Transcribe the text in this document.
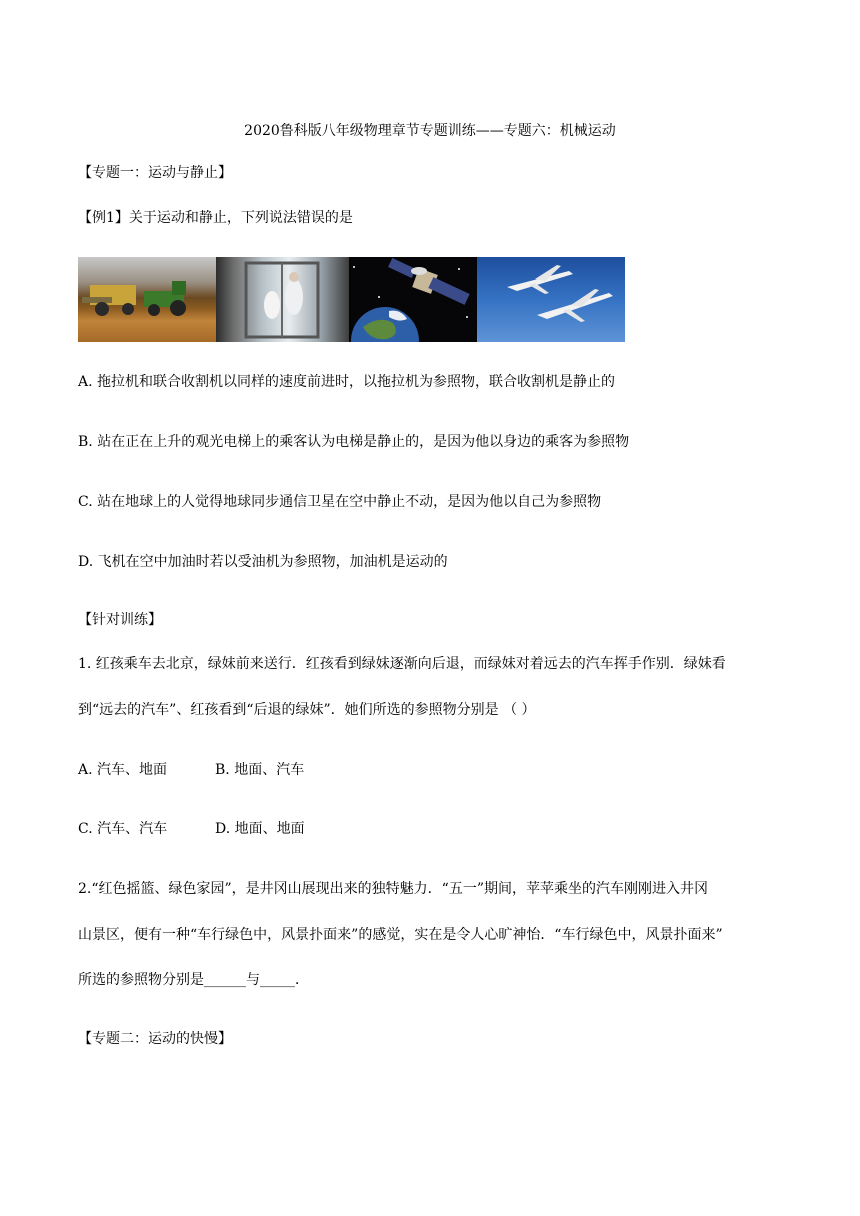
2020鲁科版八年级物理章节专题训练——专题六：机械运动
【专题一：运动与静止】
【例1】关于运动和静止，下列说法错误的是
A. 拖拉机和联合收割机以同样的速度前进时，以拖拉机为参照物，联合收割机是静止的
B. 站在正在上升的观光电梯上的乘客认为电梯是静止的，是因为他以身边的乘客为参照物
C. 站在地球上的人觉得地球同步通信卫星在空中静止不动，是因为他以自己为参照物
D. 飞机在空中加油时若以受油机为参照物，加油机是运动的
【针对训练】
1. 红孩乘车去北京，绿妹前来送行．红孩看到绿妹逐渐向后退，而绿妹对着远去的汽车挥手作别．绿妹看
到“远去的汽车”、红孩看到“后退的绿妹”．她们所选的参照物分别是 （ ）
A. 汽车、地面	B. 地面、汽车
C. 汽车、汽车	D. 地面、地面
2.“红色摇篮、绿色家园”，是井冈山展现出来的独特魅力．“五一”期间，苹苹乘坐的汽车刚刚进入井冈
山景区，便有一种“车行绿色中，风景扑面来”的感觉，实在是令人心旷神怡．“车行绿色中，风景扑面来”
所选的参照物分别是______与_____．
【专题二：运动的快慢】
